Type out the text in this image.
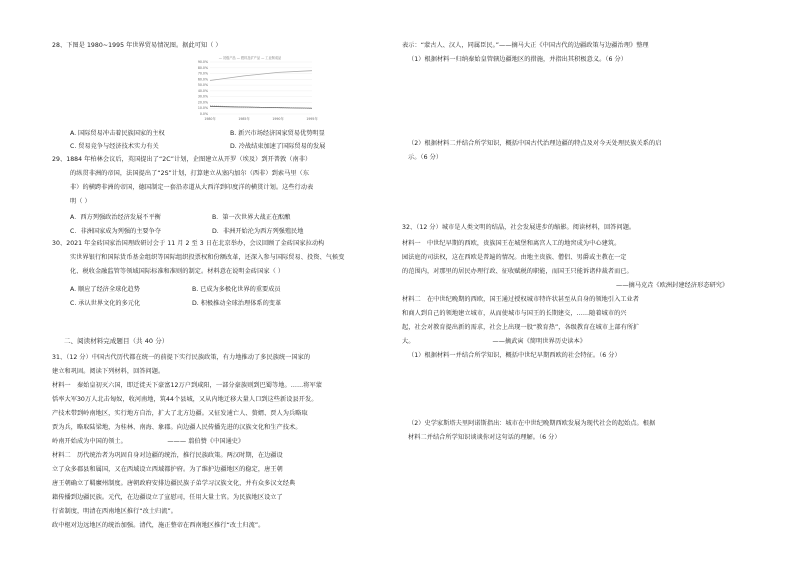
28、下图是 1980~1995 年世界贸易情况图。据此可知（ ）
— 初级产品 — 燃料及矿产品 — 工业制成品
90.0%
80.0%
70.0%
60.0%
50.0%
40.0%
30.0%
20.0%
10.0%
0.0%
1980年	1985年	1990年	1995年
A. 国际贸易冲击着民族国家的主权	B. 新兴市场经济国家贸易优势明显
C. 贸易竞争与经济技术实力有关	D. 冷战结束加速了国际贸易的发展
29、1884 年柏林会议后，英国提出了“2C”计划，企图建立从开罗（埃及）到开普敦（南非）
的纵贯非洲的帝国，法国提出了“2S”计划，打算建立从塞内加尔（西非）到索马里（东
非）的横跨非洲的帝国，德国制定一套沿赤道从大西洋到印度洋的横贯计划。这些行动表
明（ ）
A．西方列强政治经济发展不平衡	B．第一次世界大战正在酝酿
C．非洲国家成为列强的主要争夺	D．非洲开始沦为西方列强殖民地
30、2021 年金砖国家治国理政研讨会于 11 月 2 至 3 日在北京举办，会议回顾了金砖国家拉动构
实世界银行和国际货币基金组织等国际组织投票权和份额改革，还深入参与国际贸易、投资、气候变
化、税收金融监管等领域国际标准和准则的制定。材料意在说明金砖国家（ ）
A. 顺应了经济全球化趋势	B. 已成为多极化世界的重要成员
C. 承认世界文化的多元化	D. 积极推动全球治理体系的变革
二、阅读材料完成题目（共 40 分）
31、（12 分）中国古代历代都在统一的前提下实行民族政策，有力地推动了多民族统一国家的
建立和巩固。阅读下列材料，回答问题。
材料一　秦始皇初灭六国，即迁徙天下豪富12万户到咸阳，一部分豪族则到巴蜀等地。……将军蒙
恬率大军30万人北击匈奴，收河南地，筑44个县城，又从内地迁移大量人口到这些新设县开发。
产技术带到岭南地区，实行地方自治，扩大了北方边疆。又征发逋亡人、赘婿、贾人为兵略取
贾为兵，略取陆梁地，为桂林、南海、象郡。向边疆人民传播先进的汉族文化和生产技术。
岭南开始成为中国的领土。　　　　　　　——— 翦伯赞《中国通史》
材料二　历代统治者为巩固自身对边疆的统治，推行民族政策。两汉时期，在边疆设
立了众多郡县和属国，又在西域设立西域都护府。为了维护边疆地区的稳定，唐王朝
唐王朝确立了羁縻州制度。唐朝政府安排边疆民族子弟学习汉族文化，并有众多汉文经典
籍传播到边疆民族。元代，在边疆设立了宣慰司，任用大量土官。为民族地区设立了
行省制度，明清在西南地区推行“改土归流”。
政中枢对边远地区的统治加强。清代，施正整帝在西南地区推行“改土归流”。
表示：“蒙古人、汉人，同属臣民。”——摘马大正《中国古代的边疆政策与边疆治理》整理
（1）根据材料一归纳秦始皇管辖边疆地区的措施，并指出其积极意义。（6 分）
（2）根据材料二并结合所学知识，概括中国古代治理边疆的特点及对今天处理民族关系的启
示。（6 分）
32、（12 分）城市是人类文明的结晶，社会发展进步的缩影。阅读材料，回答问题。
材料一　中世纪早期的西欧，贵族国王在城堡和离宫人工的地窖成为中心建筑。
园法庭的司法权，这在西欧是普遍的情况。由地主贵族、僧侣、男爵或主教在一定
的范围内，对那里的居民办理行政、征收赋税的职能，而国王只能诉诸仲裁者而已。
——摘马克垚《欧洲封建经济形态研究》
材料二　在中世纪晚期的西欧，国王通过授权城市特许状甚至从自身的领地引入工业者
和商人到自己的领地建立城市，从而使城市与国王的长期建交，……随着城市的兴
起，社会对教育提出新的需求，社会上出现一股“教育热”，各级教育在城市上部有所扩
大。　　　　　　　　　　　　　——摘武寅《简明世界历史读本》
（1）根据材料一并结合所学知识，概括中世纪早期西欧的社会特征。（6 分）
（2）史学家斯塔夫里阿诺斯指出：城市在中世纪晚期西欧发展为现代社会的起始点。根据
材料二并结合所学知识谈谈你对这句话的理解。（6 分）
